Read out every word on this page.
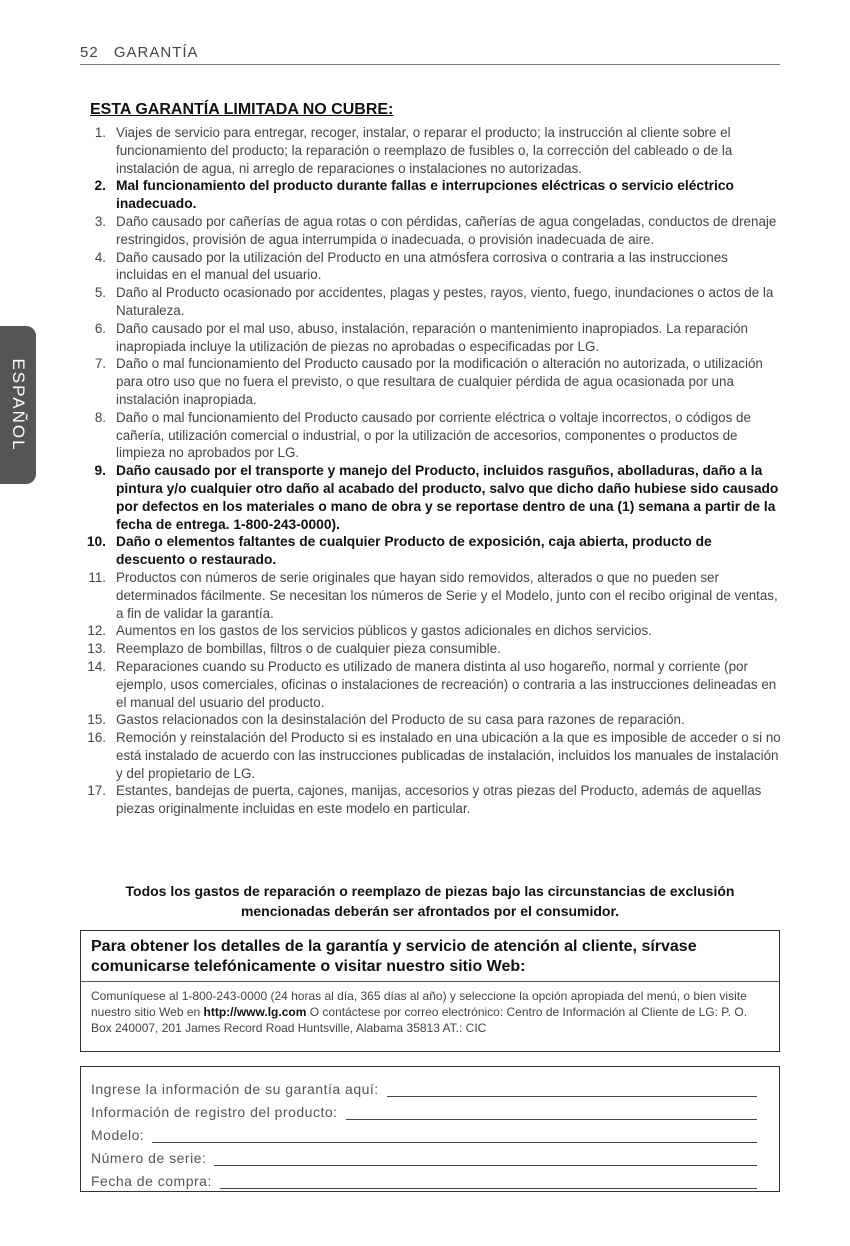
52 GARANTÍA
ESPAÑOL
ESTA GARANTÍA LIMITADA NO CUBRE:
1. Viajes de servicio para entregar, recoger, instalar, o reparar el producto; la instrucción al cliente sobre el funcionamiento del producto; la reparación o reemplazo de fusibles o, la corrección del cableado o de la instalación de agua, ni arreglo de reparaciones o instalaciones no autorizadas.
2. Mal funcionamiento del producto durante fallas e interrupciones eléctricas o servicio eléctrico inadecuado.
3. Daño causado por cañerías de agua rotas o con pérdidas, cañerías de agua congeladas, conductos de drenaje restringidos, provisión de agua interrumpida o inadecuada, o provisión inadecuada de aire.
4. Daño causado por la utilización del Producto en una atmósfera corrosiva o contraria a las instrucciones incluidas en el manual del usuario.
5. Daño al Producto ocasionado por accidentes, plagas y pestes, rayos, viento, fuego, inundaciones o actos de la Naturaleza.
6. Daño causado por el mal uso, abuso, instalación, reparación o mantenimiento inapropiados. La reparación inapropiada incluye la utilización de piezas no aprobadas o especificadas por LG.
7. Daño o mal funcionamiento del Producto causado por la modificación o alteración no autorizada, o utilización para otro uso que no fuera el previsto, o que resultara de cualquier pérdida de agua ocasionada por una instalación inapropiada.
8. Daño o mal funcionamiento del Producto causado por corriente eléctrica o voltaje incorrectos, o códigos de cañería, utilización comercial o industrial, o por la utilización de accesorios, componentes o productos de limpieza no aprobados por LG.
9. Daño causado por el transporte y manejo del Producto, incluidos rasguños, abolladuras, daño a la pintura y/o cualquier otro daño al acabado del producto, salvo que dicho daño hubiese sido causado por defectos en los materiales o mano de obra y se reportase dentro de una (1) semana a partir de la fecha de entrega. 1-800-243-0000).
10. Daño o elementos faltantes de cualquier Producto de exposición, caja abierta, producto de descuento o restaurado.
11. Productos con números de serie originales que hayan sido removidos, alterados o que no pueden ser determinados fácilmente. Se necesitan los números de Serie y el Modelo, junto con el recibo original de ventas, a fin de validar la garantía.
12. Aumentos en los gastos de los servicios públicos y gastos adicionales en dichos servicios.
13. Reemplazo de bombillas, filtros o de cualquier pieza consumible.
14. Reparaciones cuando su Producto es utilizado de manera distinta al uso hogareño, normal y corriente (por ejemplo, usos comerciales, oficinas o instalaciones de recreación) o contraria a las instrucciones delineadas en el manual del usuario del producto.
15. Gastos relacionados con la desinstalación del Producto de su casa para razones de reparación.
16. Remoción y reinstalación del Producto si es instalado en una ubicación a la que es imposible de acceder o si no está instalado de acuerdo con las instrucciones publicadas de instalación, incluidos los manuales de instalación y del propietario de LG.
17. Estantes, bandejas de puerta, cajones, manijas, accesorios y otras piezas del Producto, además de aquellas piezas originalmente incluidas en este modelo en particular.
Todos los gastos de reparación o reemplazo de piezas bajo las circunstancias de exclusión
mencionadas deberán ser afrontados por el consumidor.
Para obtener los detalles de la garantía y servicio de atención al cliente, sírvase comunicarse telefónicamente o visitar nuestro sitio Web:
Comuníquese al 1-800-243-0000 (24 horas al día, 365 días al año) y seleccione la opción apropiada del menú, o bien visite nuestro sitio Web en http://www.lg.com O contáctese por correo electrónico: Centro de Información al Cliente de LG: P. O. Box 240007, 201 James Record Road Huntsville, Alabama 35813 AT.: CIC
Ingrese la información de su garantía aquí:
Información de registro del producto:
Modelo:
Número de serie:
Fecha de compra:
